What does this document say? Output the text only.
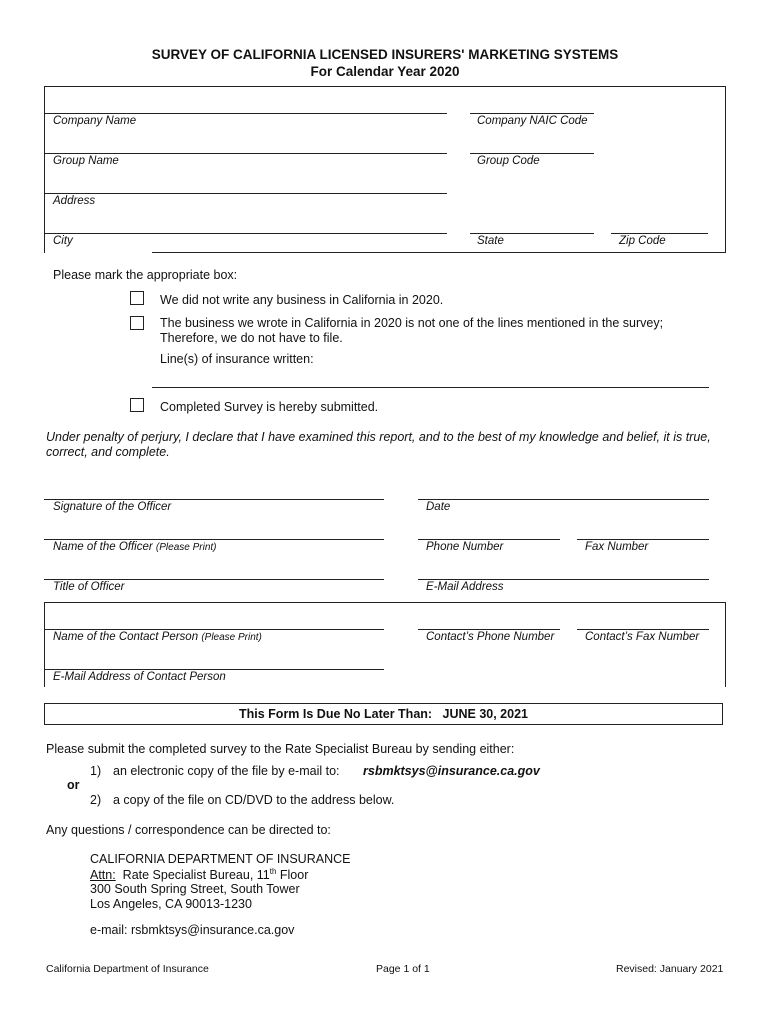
SURVEY OF CALIFORNIA LICENSED INSURERS' MARKETING SYSTEMS
For Calendar Year 2020
Company Name	Company NAIC Code
Group Name	Group Code
Address
City	State	Zip Code
Please mark the appropriate box:
We did not write any business in California in 2020.
The business we wrote in California in 2020 is not one of the lines mentioned in the survey;
Therefore, we do not have to file.
Line(s) of insurance written:
Completed Survey is hereby submitted.
Under penalty of perjury, I declare that I have examined this report, and to the best of my knowledge and belief, it is true,
correct, and complete.
Signature of the Officer	Date
Name of the Officer (Please Print)	Phone Number	Fax Number
Title of Officer	E-Mail Address
Name of the Contact Person (Please Print)	Contact’s Phone Number	Contact’s Fax Number
E-Mail Address of Contact Person
This Form Is Due No Later Than: JUNE 30, 2021
Please submit the completed survey to the Rate Specialist Bureau by sending either:
1) an electronic copy of the file by e-mail to: rsbmktsys@insurance.ca.gov
or
2) a copy of the file on CD/DVD to the address below.
Any questions / correspondence can be directed to:
CALIFORNIA DEPARTMENT OF INSURANCE
Attn: Rate Specialist Bureau, 11th Floor
300 South Spring Street, South Tower
Los Angeles, CA 90013-1230
e-mail: rsbmktsys@insurance.ca.gov
California Department of Insurance	Page 1 of 1	Revised: January 2021
